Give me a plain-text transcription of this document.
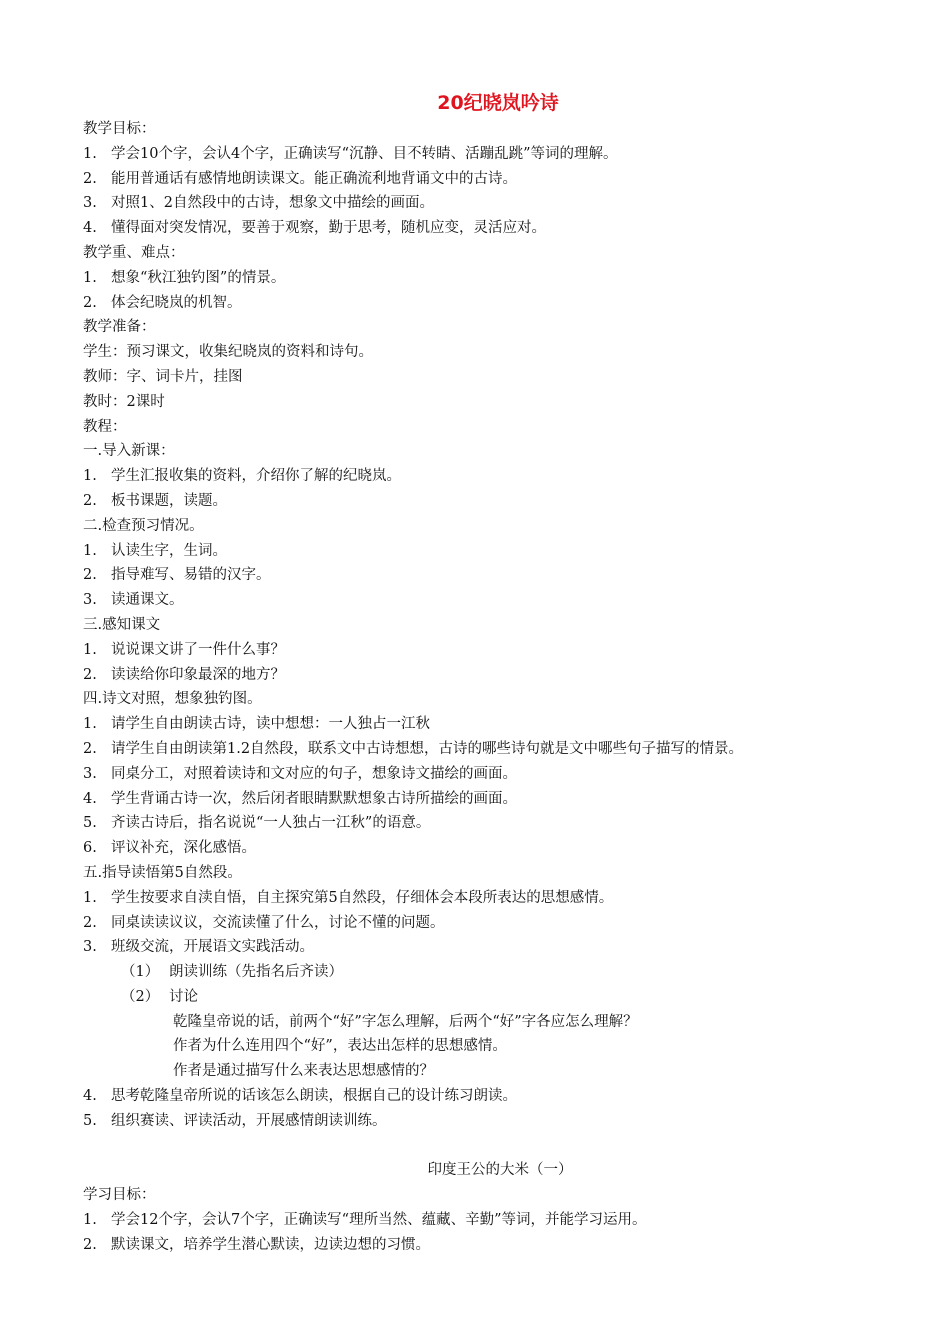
20纪晓岚吟诗
教学目标：
1. 学会10个字，会认4个字，正确读写“沉静、目不转睛、活蹦乱跳”等词的理解。
2. 能用普通话有感情地朗读课文。能正确流利地背诵文中的古诗。
3. 对照1、2自然段中的古诗，想象文中描绘的画面。
4. 懂得面对突发情况，要善于观察，勤于思考，随机应变，灵活应对。
教学重、难点：
1. 想象“秋江独钓图”的情景。
2. 体会纪晓岚的机智。
教学准备：
学生：预习课文，收集纪晓岚的资料和诗句。
教师：字、词卡片，挂图
教时：2课时
教程：
一.导入新课：
1. 学生汇报收集的资料，介绍你了解的纪晓岚。
2. 板书课题，读题。
二.检查预习情况。
1. 认读生字，生词。
2. 指导难写、易错的汉字。
3. 读通课文。
三.感知课文
1. 说说课文讲了一件什么事？
2. 读读给你印象最深的地方？
四.诗文对照，想象独钓图。
1. 请学生自由朗读古诗，读中想想：一人独占一江秋
2. 请学生自由朗读第1.2自然段，联系文中古诗想想，古诗的哪些诗句就是文中哪些句子描写的情景。
3. 同桌分工，对照着读诗和文对应的句子，想象诗文描绘的画面。
4. 学生背诵古诗一次，然后闭者眼睛默默想象古诗所描绘的画面。
5. 齐读古诗后，指名说说“一人独占一江秋”的语意。
6. 评议补充，深化感悟。
五.指导读悟第5自然段。
1. 学生按要求自渎自悟，自主探究第5自然段，仔细体会本段所表达的思想感情。
2. 同桌读读议议，交流读懂了什么，讨论不懂的问题。
3. 班级交流，开展语文实践活动。
（1） 朗读训练（先指名后齐读）
（2） 讨论
乾隆皇帝说的话，前两个“好”字怎么理解，后两个“好”字各应怎么理解？
作者为什么连用四个“好”，表达出怎样的思想感情。
作者是通过描写什么来表达思想感情的？
4. 思考乾隆皇帝所说的话该怎么朗读，根据自己的设计练习朗读。
5. 组织赛读、评读活动，开展感情朗读训练。
印度王公的大米（一）
学习目标：
1. 学会12个字，会认7个字，正确读写“理所当然、蕴藏、辛勤”等词，并能学习运用。
2. 默读课文，培养学生潜心默读，边读边想的习惯。
